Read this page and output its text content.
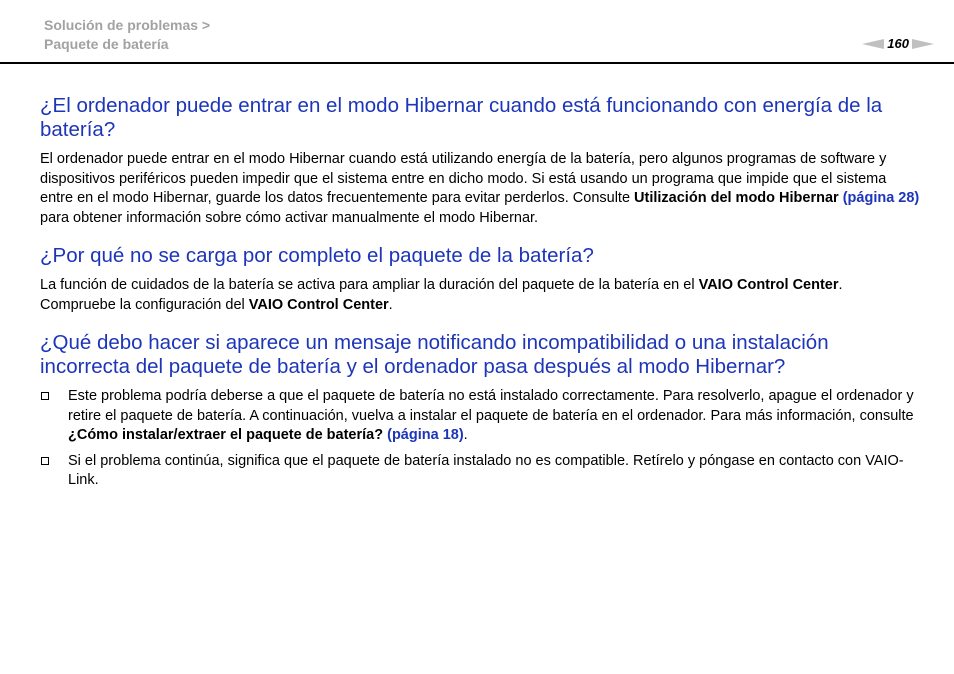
Solución de problemas >
Paquete de batería	160
¿El ordenador puede entrar en el modo Hibernar cuando está funcionando con energía de la batería?

El ordenador puede entrar en el modo Hibernar cuando está utilizando energía de la batería, pero algunos programas de software y dispositivos periféricos pueden impedir que el sistema entre en dicho modo. Si está usando un programa que impide que el sistema entre en el modo Hibernar, guarde los datos frecuentemente para evitar perderlos. Consulte Utilización del modo Hibernar (página 28) para obtener información sobre cómo activar manualmente el modo Hibernar.

¿Por qué no se carga por completo el paquete de la batería?

La función de cuidados de la batería se activa para ampliar la duración del paquete de la batería en el VAIO Control Center. Compruebe la configuración del VAIO Control Center.

¿Qué debo hacer si aparece un mensaje notificando incompatibilidad o una instalación incorrecta del paquete de batería y el ordenador pasa después al modo Hibernar?
Este problema podría deberse a que el paquete de batería no está instalado correctamente. Para resolverlo, apague el ordenador y retire el paquete de batería. A continuación, vuelva a instalar el paquete de batería en el ordenador. Para más información, consulte ¿Cómo instalar/extraer el paquete de batería? (página 18).
Si el problema continúa, significa que el paquete de batería instalado no es compatible. Retírelo y póngase en contacto con VAIO-Link.
